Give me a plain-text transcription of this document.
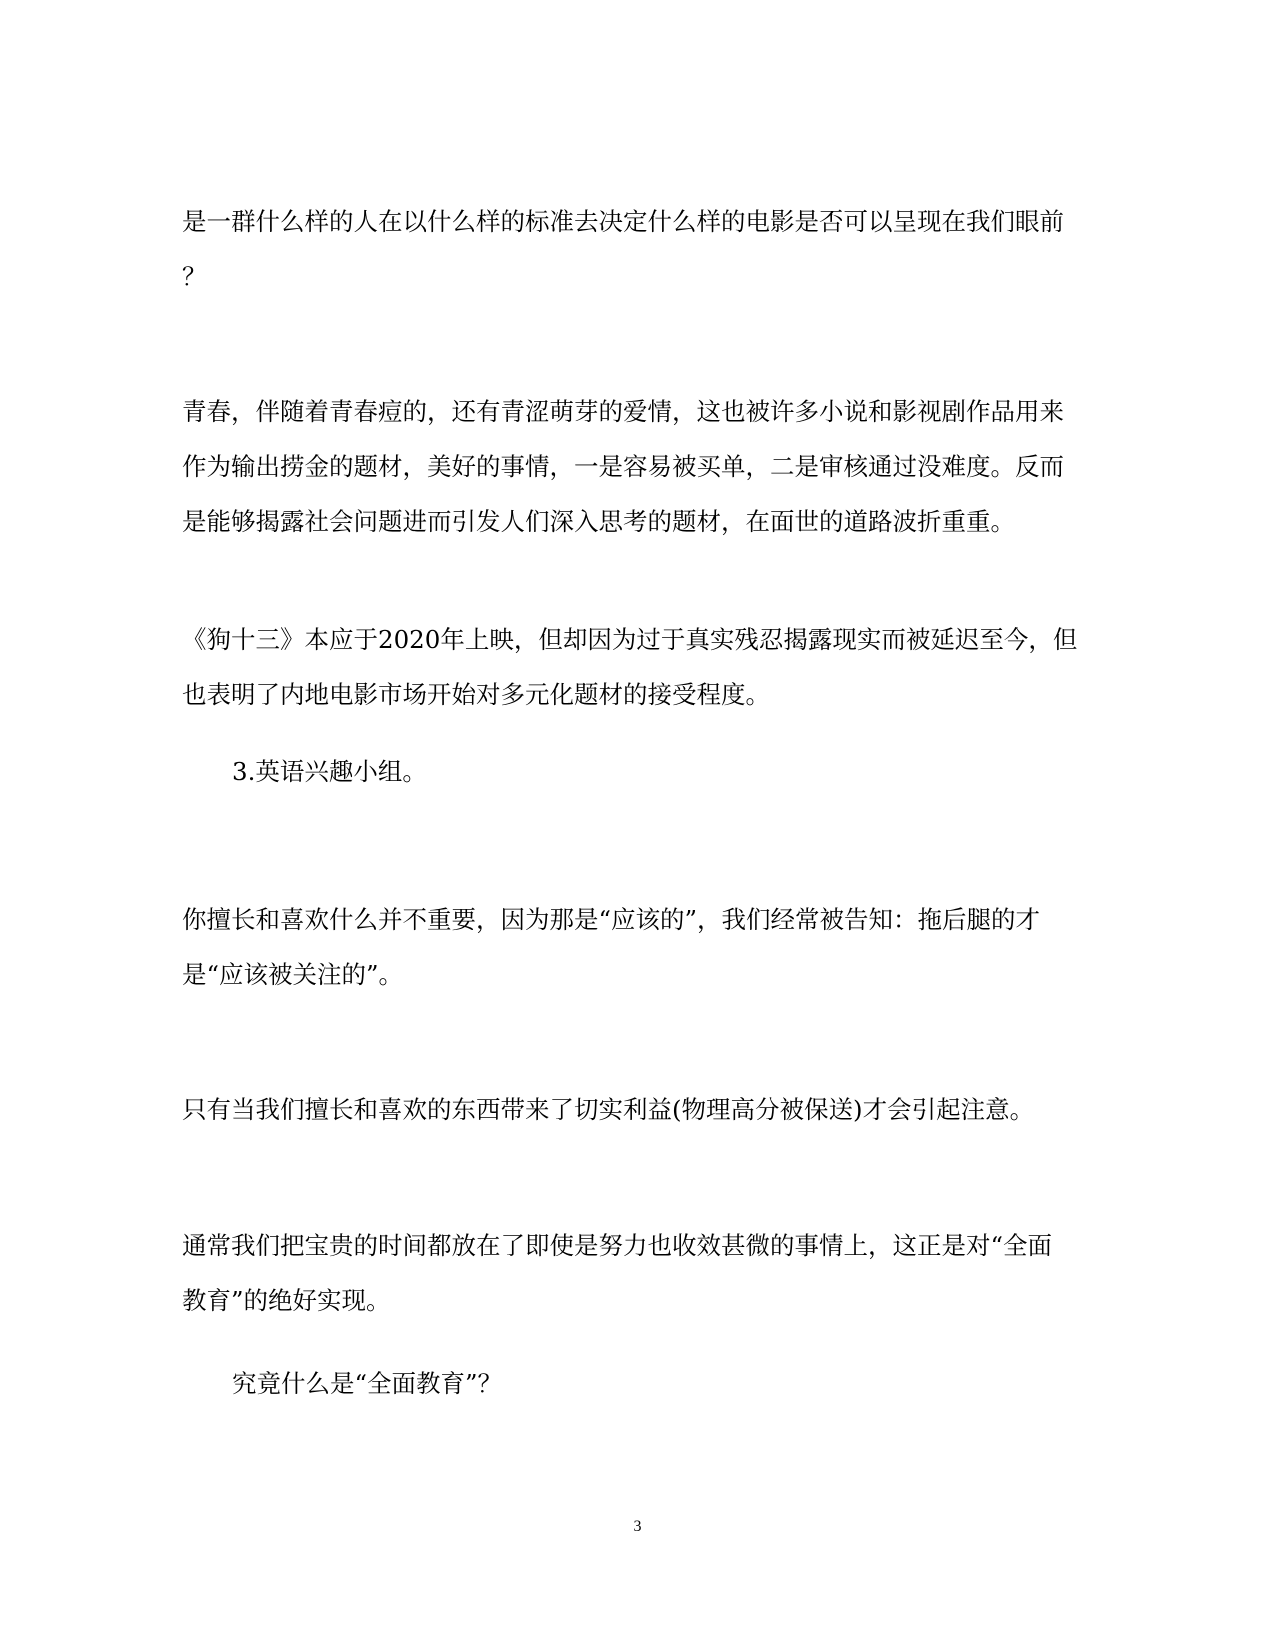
是一群什么样的人在以什么样的标准去决定什么样的电影是否可以呈现在我们眼前
？

青春，伴随着青春痘的，还有青涩萌芽的爱情，这也被许多小说和影视剧作品用来
作为输出捞金的题材，美好的事情，一是容易被买单，二是审核通过没难度。反而
是能够揭露社会问题进而引发人们深入思考的题材，在面世的道路波折重重。

《狗十三》本应于2020年上映，但却因为过于真实残忍揭露现实而被延迟至今，但
也表明了内地电影市场开始对多元化题材的接受程度。

3.英语兴趣小组。

你擅长和喜欢什么并不重要，因为那是“应该的”，我们经常被告知：拖后腿的才
是“应该被关注的”。

只有当我们擅长和喜欢的东西带来了切实利益(物理高分被保送)才会引起注意。

通常我们把宝贵的时间都放在了即使是努力也收效甚微的事情上，这正是对“全面
教育”的绝好实现。

究竟什么是“全面教育”？

3
